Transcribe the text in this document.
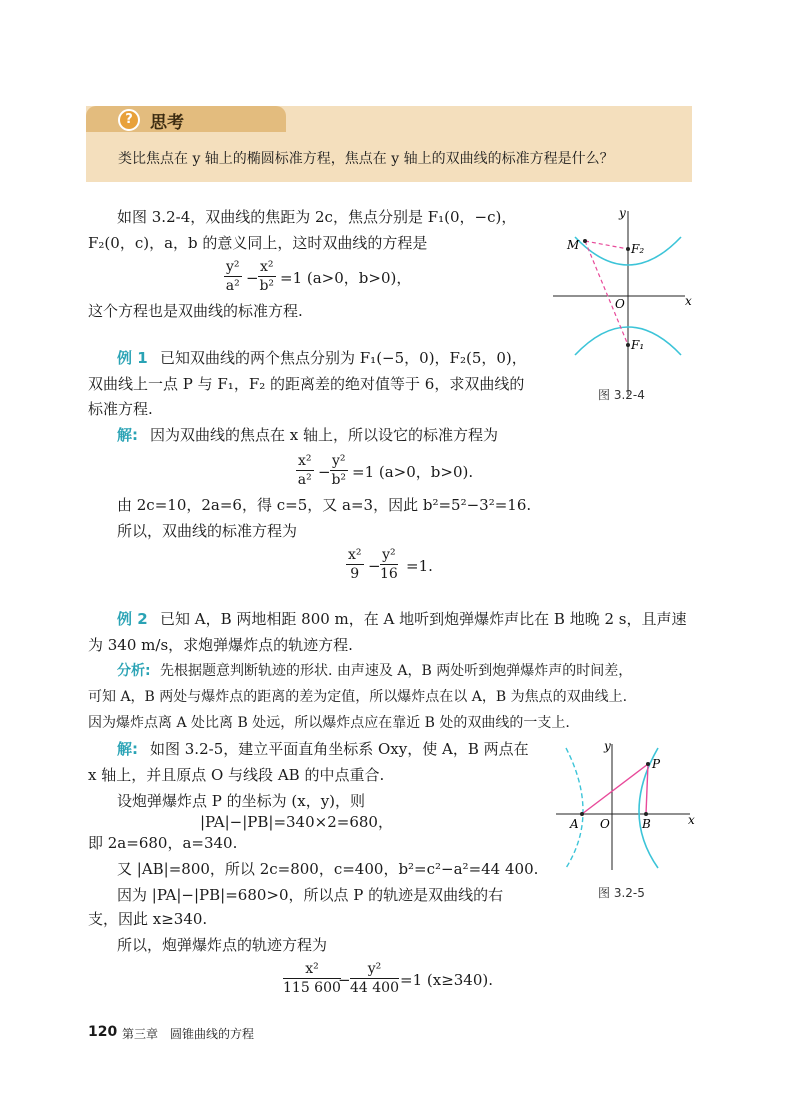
?	思考
类比焦点在 y 轴上的椭圆标准方程，焦点在 y 轴上的双曲线的标准方程是什么？
如图 3.2-4，双曲线的焦距为 2c，焦点分别是 F₁(0，−c)，
F₂(0，c)，a，b 的意义同上，这时双曲线的方程是
$\frac{\text{y²}}{\text{a²}} - \frac{\text{x²}}{\text{b²}} =1$ (a>0，b>0)，
这个方程也是双曲线的标准方程.
y
x
O
M	F₂
F₁
图 3.2-4
例 1 已知双曲线的两个焦点分别为 F₁(−5，0)，F₂(5，0)，
双曲线上一点 P 与 F₁，F₂ 的距离差的绝对值等于 6，求双曲线的
标准方程.
解: 因为双曲线的焦点在 x 轴上，所以设它的标准方程为
$\frac{\text{x²}}{\text{a²}} - \frac{\text{y²}}{\text{b²}} =1$ (a>0，b>0).
由 2c=10，2a=6，得 c=5，又 a=3，因此 b²=5²−3²=16.
所以，双曲线的标准方程为
$\frac{\text{x²}}{9} - \frac{\text{y²}}{16} =1$.
例 2 已知 A，B 两地相距 800 m，在 A 地听到炮弹爆炸声比在 B 地晚 2 s，且声速
为 340 m/s，求炮弹爆炸点的轨迹方程.
分析: 先根据题意判断轨迹的形状. 由声速及 A，B 两处听到炮弹爆炸声的时间差，
可知 A，B 两处与爆炸点的距离的差为定值，所以爆炸点在以 A，B 为焦点的双曲线上.
因为爆炸点离 A 处比离 B 处远，所以爆炸点应在靠近 B 处的双曲线的一支上.
解: 如图 3.2-5，建立平面直角坐标系 Oxy，使 A，B 两点在
x 轴上，并且原点 O 与线段 AB 的中点重合.
设炮弹爆炸点 P 的坐标为 (x，y)，则
|PA|−|PB|=340×2=680，
即 2a=680，a=340.
又 |AB|=800，所以 2c=800，c=400，b²=c²−a²=44 400.
因为 |PA|−|PB|=680>0，所以点 P 的轨迹是双曲线的右
支，因此 x≥340.
所以，炮弹爆炸点的轨迹方程为
$\frac{\text{x²}}{115 600}$
− $\frac{\text{y²}}{44 400} =1$ (x≥340).
y
x
O
A	B
P
图 3.2-5
120 第三章 圆锥曲线的方程
